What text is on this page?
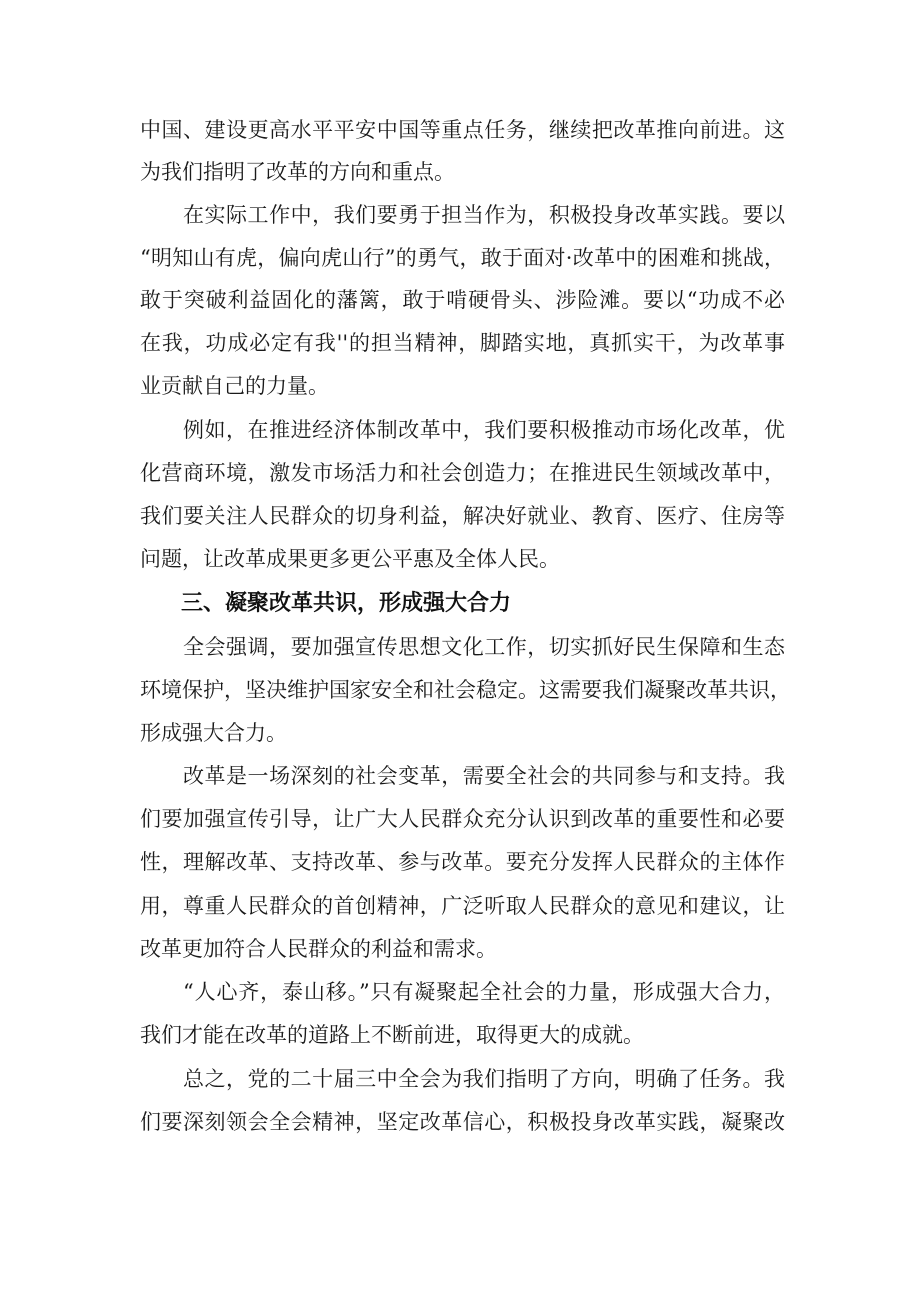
中国、建设更高水平平安中国等重点任务，继续把改革推向前进。这

为我们指明了改革的方向和重点。

在实际工作中，我们要勇于担当作为，积极投身改革实践。要以

“明知山有虎，偏向虎山行”的勇气，敢于面对·改革中的困难和挑战，

敢于突破利益固化的藩篱，敢于啃硬骨头、涉险滩。要以“功成不必

在我，功成必定有我''的担当精神，脚踏实地，真抓实干，为改革事

业贡献自己的力量。

例如，在推进经济体制改革中，我们要积极推动市场化改革，优

化营商环境，激发市场活力和社会创造力；在推进民生领域改革中，

我们要关注人民群众的切身利益，解决好就业、教育、医疗、住房等

问题，让改革成果更多更公平惠及全体人民。

三、凝聚改革共识，形成强大合力

全会强调，要加强宣传思想文化工作，切实抓好民生保障和生态

环境保护，坚决维护国家安全和社会稳定。这需要我们凝聚改革共识，

形成强大合力。

改革是一场深刻的社会变革，需要全社会的共同参与和支持。我

们要加强宣传引导，让广大人民群众充分认识到改革的重要性和必要

性，理解改革、支持改革、参与改革。要充分发挥人民群众的主体作

用，尊重人民群众的首创精神，广泛听取人民群众的意见和建议，让

改革更加符合人民群众的利益和需求。

“人心齐，泰山移。”只有凝聚起全社会的力量，形成强大合力，

我们才能在改革的道路上不断前进，取得更大的成就。

总之，党的二十届三中全会为我们指明了方向，明确了任务。我

们要深刻领会全会精神，坚定改革信心，积极投身改革实践，凝聚改
